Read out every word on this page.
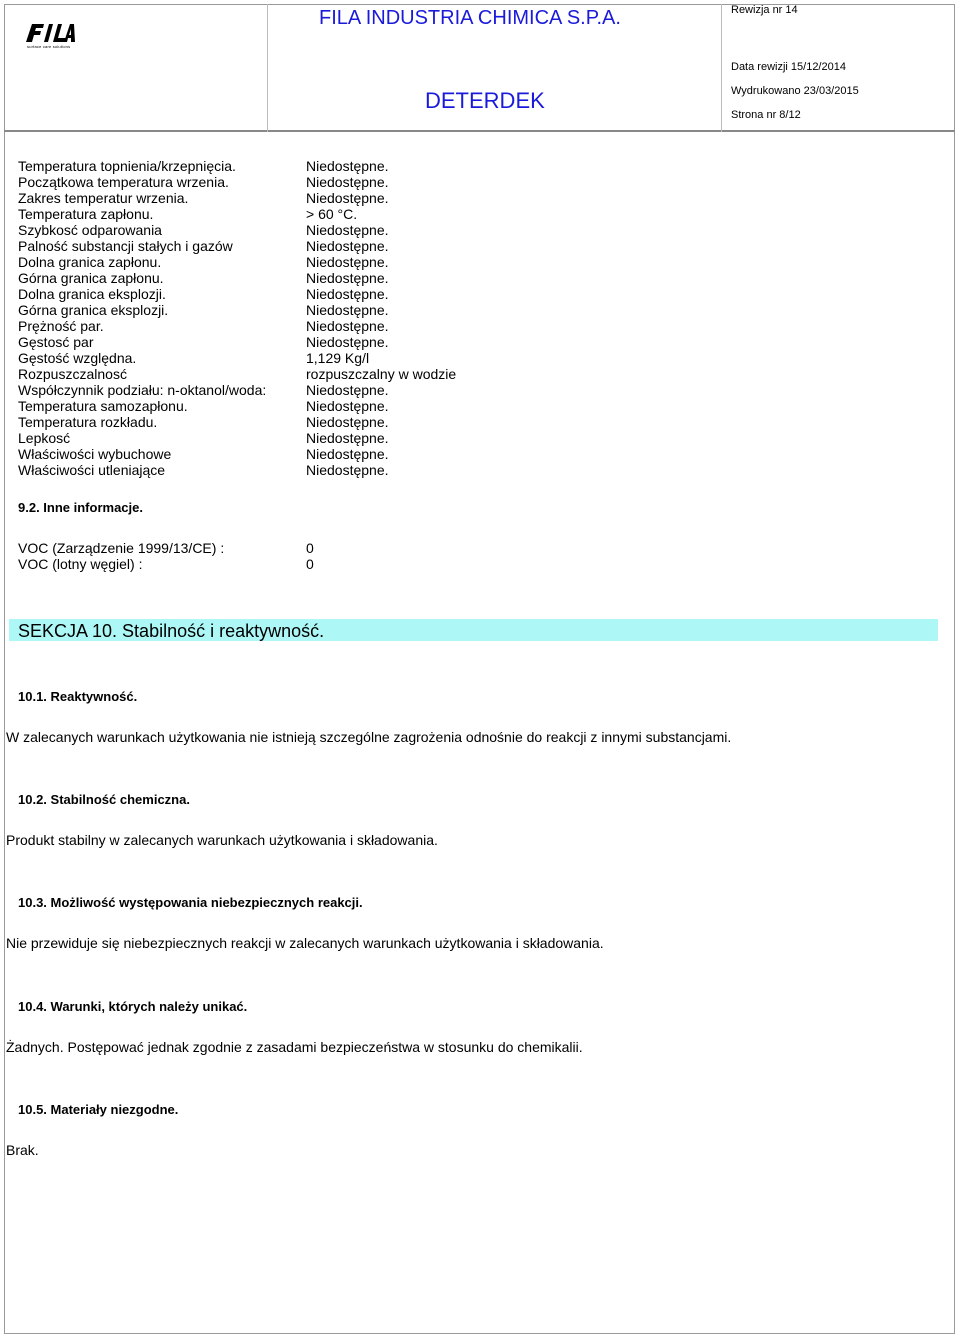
surface care solutions
FILA INDUSTRIA CHIMICA S.P.A.
DETERDEK
Rewizja nr 14
Data rewizji 15/12/2014
Wydrukowano 23/03/2015
Strona nr 8/12
Temperatura topnienia/krzepnięcia.	Niedostępne.
Początkowa temperatura wrzenia.	Niedostępne.
Zakres temperatur wrzenia.	Niedostępne.
Temperatura zapłonu.	> 60 °C.
Szybkosć odparowania	Niedostępne.
Palność substancji stałych i gazów	Niedostępne.
Dolna granica zapłonu.	Niedostępne.
Górna granica zapłonu.	Niedostępne.
Dolna granica eksplozji.	Niedostępne.
Górna granica eksplozji.	Niedostępne.
Prężność par.	Niedostępne.
Gęstosć par	Niedostępne.
Gęstość względna.	1,129 Kg/l
Rozpuszczalnosć	rozpuszczalny w wodzie
Współczynnik podziału: n-oktanol/woda:	Niedostępne.
Temperatura samozapłonu.	Niedostępne.
Temperatura rozkładu.	Niedostępne.
Lepkosć	Niedostępne.
Właściwości wybuchowe	Niedostępne.
Właściwości utleniające	Niedostępne.
9.2. Inne informacje.
VOC (Zarządzenie 1999/13/CE) :	0
VOC (lotny węgiel) :	0
SEKCJA 10. Stabilność i reaktywność.
10.1. Reaktywność.
W zalecanych warunkach użytkowania nie istnieją szczególne zagrożenia odnośnie do reakcji z innymi substancjami.
10.2. Stabilność chemiczna.
Produkt stabilny w zalecanych warunkach użytkowania i składowania.
10.3. Możliwość występowania niebezpiecznych reakcji.
Nie przewiduje się niebezpiecznych reakcji w zalecanych warunkach użytkowania i składowania.
10.4. Warunki, których należy unikać.
Żadnych. Postępować jednak zgodnie z zasadami bezpieczeństwa w stosunku do chemikalii.
10.5. Materiały niezgodne.
Brak.
